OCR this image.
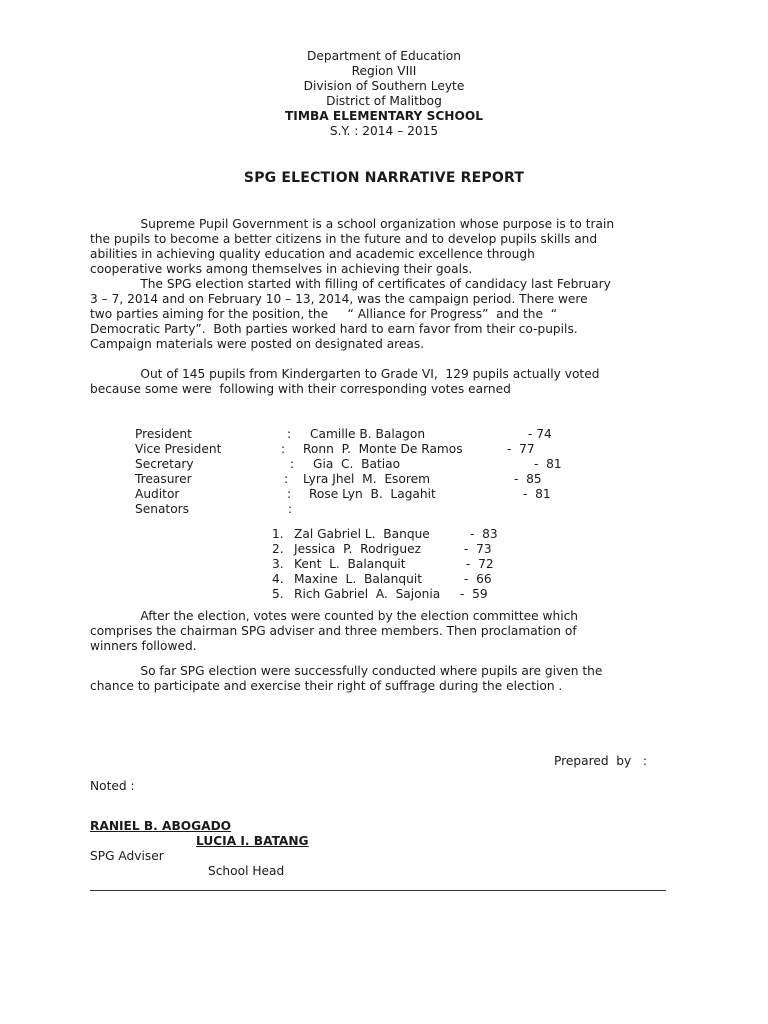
Department of Education
Region VIII
Division of Southern Leyte
District of Malitbog
TIMBA ELEMENTARY SCHOOL
S.Y. : 2014 – 2015
SPG ELECTION NARRATIVE REPORT
Supreme Pupil Government is a school organization whose purpose is to train
the pupils to become a better citizens in the future and to develop pupils skills and
abilities in achieving quality education and academic excellence through
cooperative works among themselves in achieving their goals.
The SPG election started with filling of certificates of candidacy last February
3 – 7, 2014 and on February 10 – 13, 2014, was the campaign period. There were
two parties aiming for the position, the     “ Alliance for Progress”  and the  “
Democratic Party”.  Both parties worked hard to earn favor from their co-pupils.
Campaign materials were posted on designated areas.
Out of 145 pupils from Kindergarten to Grade VI,  129 pupils actually voted
because some were  following with their corresponding votes earned
President	: Camille B. Balagon	- 74
Vice President	: Ronn  P.  Monte De Ramos	-  77
Secretary	: Gia  C.  Batiao	-  81
Treasurer	: Lyra Jhel  M.  Esorem	-  85
Auditor	: Rose Lyn  B.  Lagahit	-  81
Senators	:
1. Zal Gabriel L.  Banque	-  83
2. Jessica  P.  Rodriguez	-  73
3. Kent  L.  Balanquit	-  72
4. Maxine  L.  Balanquit	-  66
5. Rich Gabriel  A.  Sajonia -  59
After the election, votes were counted by the election committee which
comprises the chairman SPG adviser and three members. Then proclamation of
winners followed.
So far SPG election were successfully conducted where pupils are given the
chance to participate and exercise their right of suffrage during the election .
Prepared  by   :
Noted :
RANIEL B. ABOGADO
LUCIA I. BATANG
SPG Adviser
School Head
